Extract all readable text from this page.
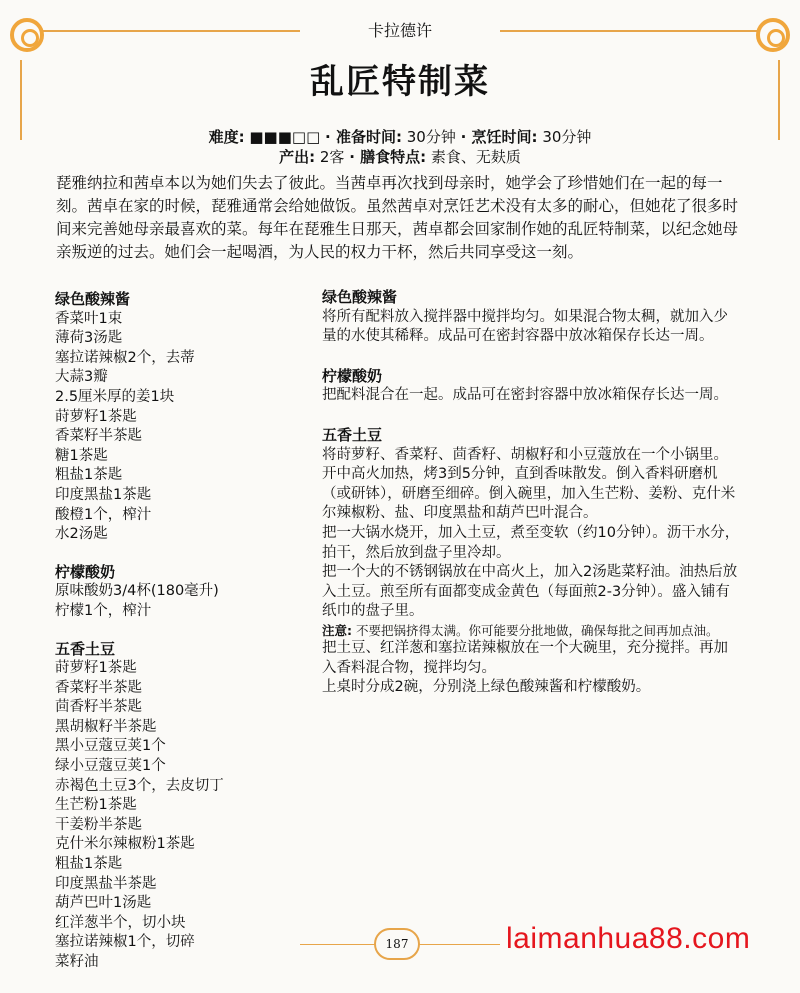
卡拉德许
乱匠特制菜
难度: ■■■□□ · 准备时间: 30分钟 · 烹饪时间: 30分钟
产出: 2客 · 膳食特点: 素食、无麸质
琵雅纳拉和茜卓本以为她们失去了彼此。当茜卓再次找到母亲时，她学会了珍惜她们在一起的每一刻。茜卓在家的时候，琵雅通常会给她做饭。虽然茜卓对烹饪艺术没有太多的耐心，但她花了很多时间来完善她母亲最喜欢的菜。每年在琵雅生日那天，茜卓都会回家制作她的乱匠特制菜，以纪念她母亲叛逆的过去。她们会一起喝酒，为人民的权力干杯，然后共同享受这一刻。
绿色酸辣酱
香菜叶1束
薄荷3汤匙
塞拉诺辣椒2个，去蒂
大蒜3瓣
2.5厘米厚的姜1块
莳萝籽1茶匙
香菜籽半茶匙
糖1茶匙
粗盐1茶匙
印度黑盐1茶匙
酸橙1个，榨汁
水2汤匙
柠檬酸奶
原味酸奶3/4杯(180毫升)
柠檬1个，榨汁
五香土豆
莳萝籽1茶匙
香菜籽半茶匙
茴香籽半茶匙
黑胡椒籽半茶匙
黑小豆蔻豆荚1个
绿小豆蔻豆荚1个
赤褐色土豆3个，去皮切丁
生芒粉1茶匙
干姜粉半茶匙
克什米尔辣椒粉1茶匙
粗盐1茶匙
印度黑盐半茶匙
葫芦巴叶1汤匙
红洋葱半个，切小块
塞拉诺辣椒1个，切碎
菜籽油
绿色酸辣酱
将所有配料放入搅拌器中搅拌均匀。如果混合物太稠，就加入少量的水使其稀释。成品可在密封容器中放冰箱保存长达一周。
柠檬酸奶
把配料混合在一起。成品可在密封容器中放冰箱保存长达一周。
五香土豆
将莳萝籽、香菜籽、茴香籽、胡椒籽和小豆蔻放在一个小锅里。开中高火加热，烤3到5分钟，直到香味散发。倒入香料研磨机（或研钵），研磨至细碎。倒入碗里，加入生芒粉、姜粉、克什米尔辣椒粉、盐、印度黑盐和葫芦巴叶混合。
把一大锅水烧开，加入土豆，煮至变软（约10分钟）。沥干水分，拍干，然后放到盘子里冷却。
把一个大的不锈钢锅放在中高火上，加入2汤匙菜籽油。油热后放入土豆。煎至所有面都变成金黄色（每面煎2-3分钟）。盛入铺有纸巾的盘子里。
注意: 不要把锅挤得太满。你可能要分批地做，确保每批之间再加点油。
把土豆、红洋葱和塞拉诺辣椒放在一个大碗里，充分搅拌。再加入香料混合物，搅拌均匀。
上桌时分成2碗，分别浇上绿色酸辣酱和柠檬酸奶。
187	laimanhua88.com
